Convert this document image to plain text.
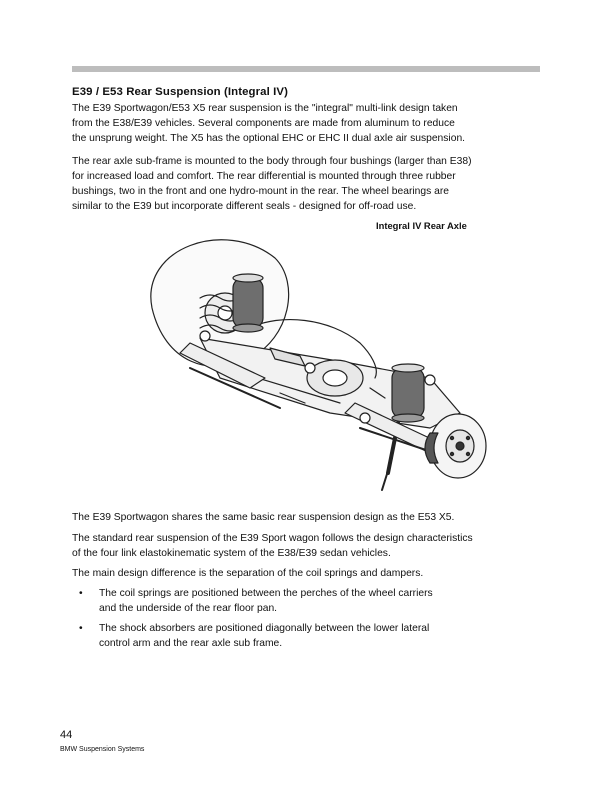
E39 / E53 Rear Suspension (Integral IV)

The E39 Sportwagon/E53 X5 rear suspension is the "integral" multi-link design taken
from the E38/E39 vehicles. Several components are made from aluminum to reduce
the unsprung weight. The X5 has the optional EHC or EHC II dual axle air suspension.

The rear axle sub-frame is mounted to the body through four bushings (larger than E38)
for increased load and comfort. The rear differential is mounted through three rubber
bushings, two in the front and one hydro-mount in the rear. The wheel bearings are
similar to the E39 but incorporate different seals - designed for off-road use.

Integral IV Rear Axle

The E39 Sportwagon shares the same basic rear suspension design as the E53 X5.

The standard rear suspension of the E39 Sport wagon follows the design characteristics
of the four link elastokinematic system of the E38/E39 sedan vehicles.

The main design difference is the separation of the coil springs and dampers.

• The coil springs are positioned between the perches of the wheel carriers
and the underside of the rear floor pan.
• The shock absorbers are positioned diagonally between the lower lateral
control arm and the rear axle sub frame.
44
BMW Suspension Systems
